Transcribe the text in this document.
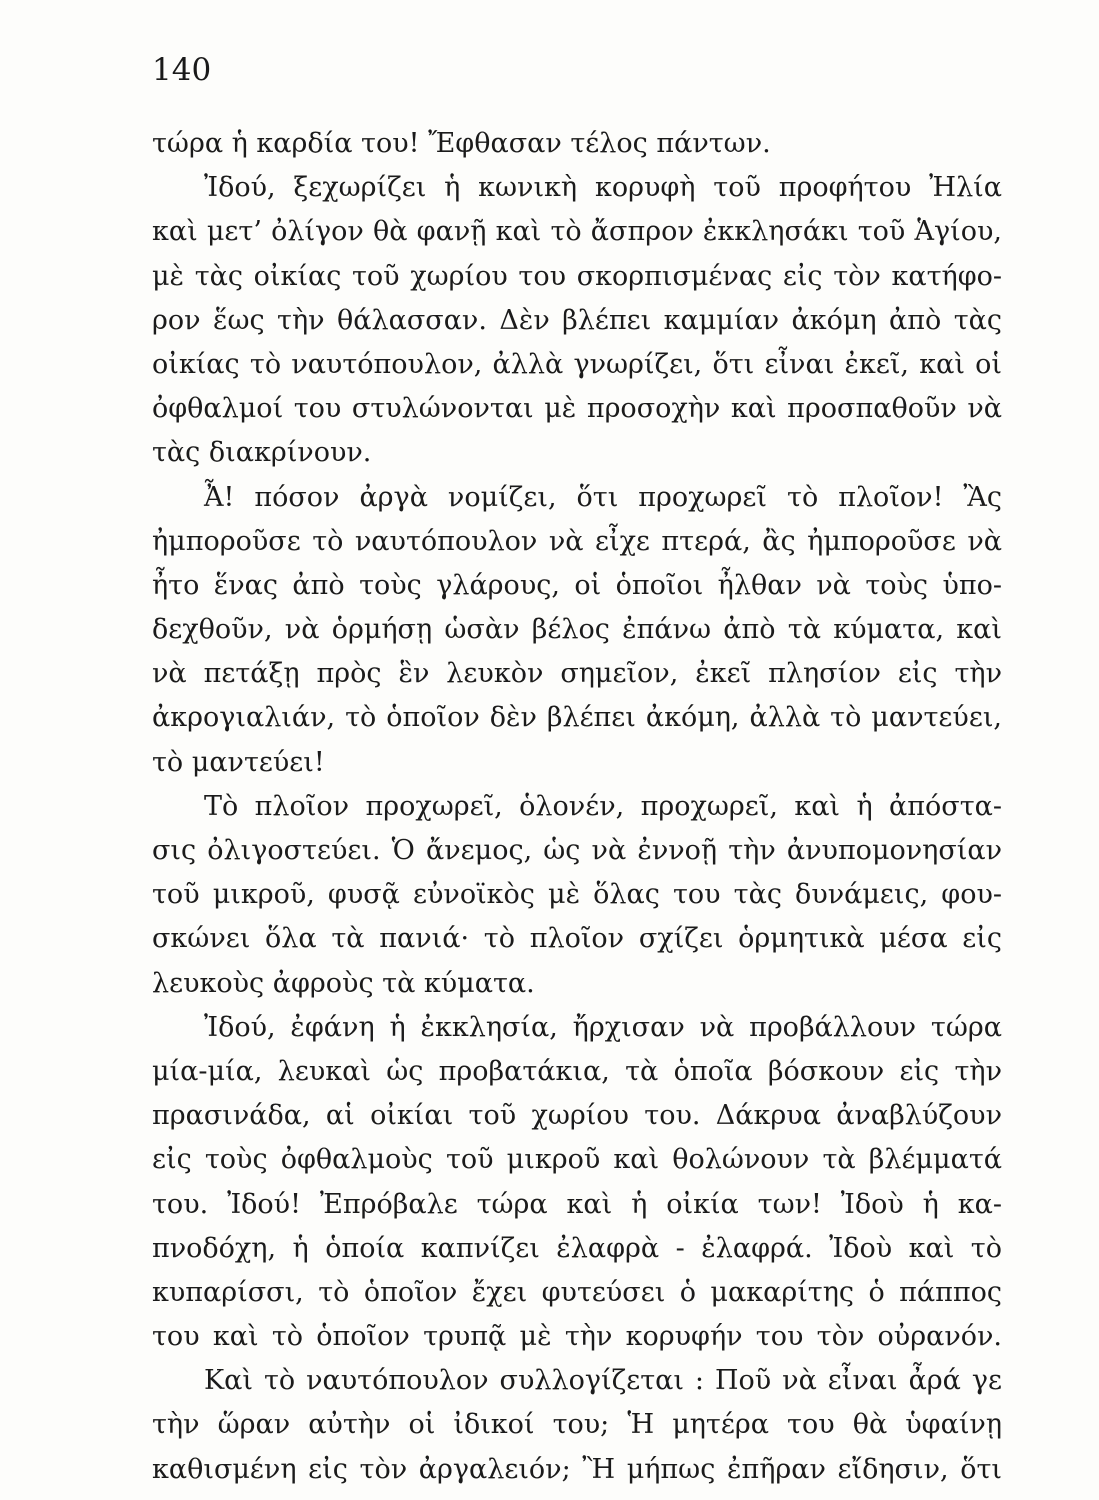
140
τώρα ἡ καρδία του! Ἔφθασαν τέλος πάντων.
Ἰδού, ξεχωρίζει ἡ κωνικὴ κορυφὴ τοῦ προφήτου Ἠλία
καὶ μετ’ ὀλίγον θὰ φανῇ καὶ τὸ ἄσπρον ἐκκλησάκι τοῦ Ἁγίου,
μὲ τὰς οἰκίας τοῦ χωρίου του σκορπισμένας εἰς τὸν κατήφο-
ρον ἕως τὴν θάλασσαν. Δὲν βλέπει καμμίαν ἀκόμη ἀπὸ τὰς
οἰκίας τὸ ναυτόπουλον, ἀλλὰ γνωρίζει, ὅτι εἶναι ἐκεῖ, καὶ οἱ
ὀφθαλμοί του στυλώνονται μὲ προσοχὴν καὶ προσπαθοῦν νὰ
τὰς διακρίνουν.
Ἆ! πόσον ἀργὰ νομίζει, ὅτι προχωρεῖ τὸ πλοῖον! Ἂς
ἠμποροῦσε τὸ ναυτόπουλον νὰ εἶχε πτερά, ἂς ἠμποροῦσε νὰ
ἦτο ἕνας ἀπὸ τοὺς γλάρους, οἱ ὁποῖοι ἦλθαν νὰ τοὺς ὑπο-
δεχθοῦν, νὰ ὁρμήσῃ ὡσὰν βέλος ἐπάνω ἀπὸ τὰ κύματα, καὶ
νὰ πετάξῃ πρὸς ἓν λευκὸν σημεῖον, ἐκεῖ πλησίον εἰς τὴν
ἀκρογιαλιάν, τὸ ὁποῖον δὲν βλέπει ἀκόμη, ἀλλὰ τὸ μαντεύει,
τὸ μαντεύει!
Τὸ πλοῖον προχωρεῖ, ὁλονέν, προχωρεῖ, καὶ ἡ ἀπόστα-
σις ὀλιγοστεύει. Ὁ ἄνεμος, ὡς νὰ ἐννοῇ τὴν ἀνυπομονησίαν
τοῦ μικροῦ, φυσᾷ εὐνοϊκὸς μὲ ὅλας του τὰς δυνάμεις, φου-
σκώνει ὅλα τὰ πανιά· τὸ πλοῖον σχίζει ὁρμητικὰ μέσα εἰς
λευκοὺς ἀφροὺς τὰ κύματα.
Ἰδού, ἐφάνη ἡ ἐκκλησία, ἤρχισαν νὰ προβάλλουν τώρα
μία-μία, λευκαὶ ὡς προβατάκια, τὰ ὁποῖα βόσκουν εἰς τὴν
πρασινάδα, αἱ οἰκίαι τοῦ χωρίου του. Δάκρυα ἀναβλύζουν
εἰς τοὺς ὀφθαλμοὺς τοῦ μικροῦ καὶ θολώνουν τὰ βλέμματά
του. Ἰδού! Ἐπρόβαλε τώρα καὶ ἡ οἰκία των! Ἰδοὺ ἡ κα-
πνοδόχη, ἡ ὁποία καπνίζει ἐλαφρὰ - ἐλαφρά. Ἰδοὺ καὶ τὸ
κυπαρίσσι, τὸ ὁποῖον ἔχει φυτεύσει ὁ μακαρίτης ὁ πάππος
του καὶ τὸ ὁποῖον τρυπᾷ μὲ τὴν κορυφήν του τὸν οὐρανόν.
Καὶ τὸ ναυτόπουλον συλλογίζεται : Ποῦ νὰ εἶναι ἆρά γε
τὴν ὥραν αὐτὴν οἱ ἰδικοί του; Ἡ μητέρα του θὰ ὑφαίνῃ
καθισμένη εἰς τὸν ἀργαλειόν; Ἢ μήπως ἐπῆραν εἴδησιν, ὅτι
